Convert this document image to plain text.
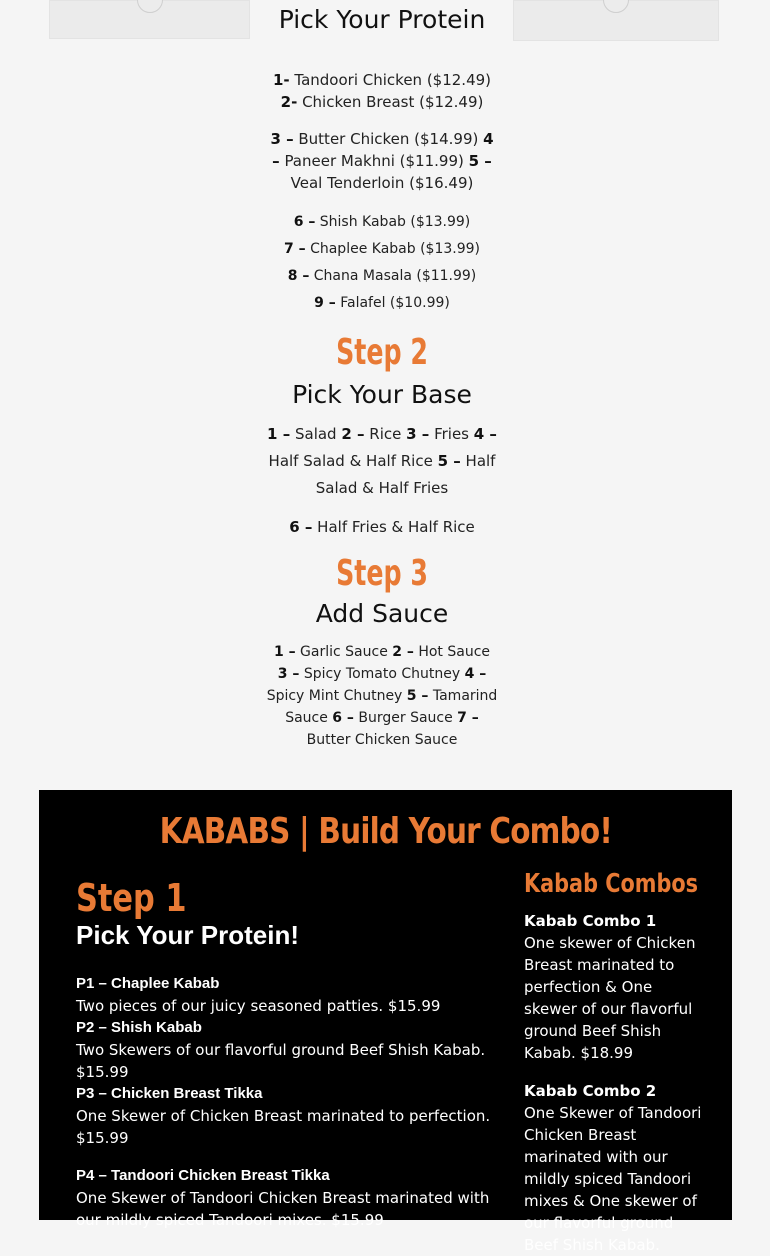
Pick Your Protein
1- Tandoori Chicken ($12.49)
2- Chicken Breast ($12.49)
3 – Butter Chicken ($14.99) 4
– Paneer Makhni ($11.99) 5 –
Veal Tenderloin ($16.49)
6 – Shish Kabab ($13.99)
7 – Chaplee Kabab ($13.99)
8 – Chana Masala ($11.99)
9 – Falafel ($10.99)
Step 2
Pick Your Base
1 – Salad 2 – Rice 3 – Fries 4 –
Half Salad & Half Rice 5 – Half
Salad & Half Fries
6 – Half Fries & Half Rice
Step 3
Add Sauce
1 – Garlic Sauce 2 – Hot Sauce
3 – Spicy Tomato Chutney 4 –
Spicy Mint Chutney 5 – Tamarind
Sauce 6 – Burger Sauce 7 –
Butter Chicken Sauce
KABABS | Build Your Combo!
Step 1
Pick Your Protein!
P1 – Chaplee Kabab
Two pieces of our juicy seasoned patties. $15.99
P2 – Shish Kabab
Two Skewers of our flavorful ground Beef Shish Kabab. $15.99
P3 – Chicken Breast Tikka
One Skewer of Chicken Breast marinated to perfection. $15.99
P4 – Tandoori Chicken Breast Tikka
One Skewer of Tandoori Chicken Breast marinated with our mildly spiced Tandoori mixes. $15.99
Kabab Combos
Kabab Combo 1
One skewer of Chicken Breast marinated to perfection & One skewer of our flavorful ground Beef Shish Kabab. $18.99
Kabab Combo 2
One Skewer of Tandoori Chicken Breast marinated with our mildly spiced Tandoori mixes & One skewer of our flavorful ground Beef Shish Kabab.
